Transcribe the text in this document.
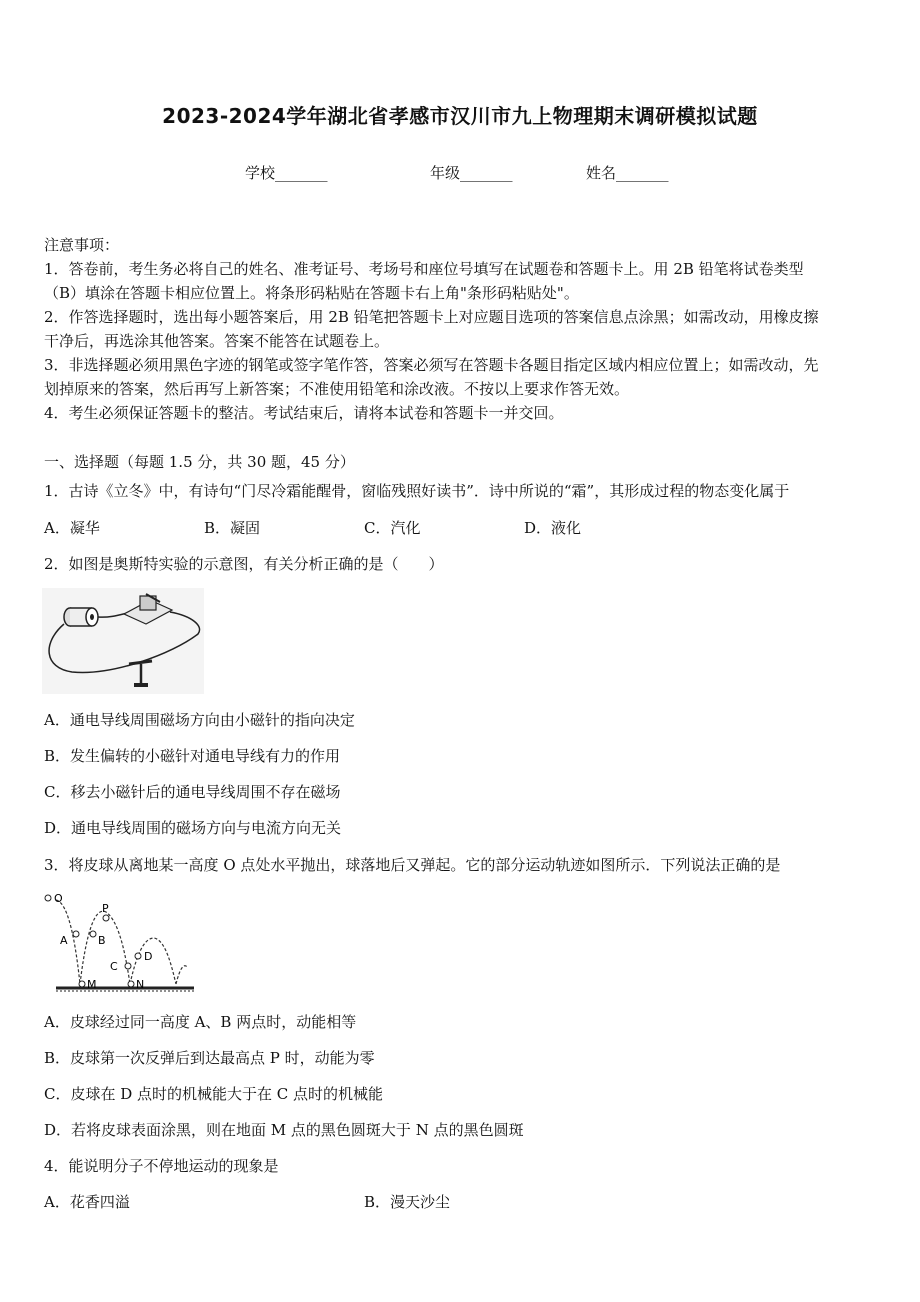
2023-2024学年湖北省孝感市汉川市九上物理期末调研模拟试题
学校_______	年级_______	姓名_______
注意事项：
1．答卷前，考生务必将自己的姓名、准考证号、考场号和座位号填写在试题卷和答题卡上。用 2B 铅笔将试卷类型
（B）填涂在答题卡相应位置上。将条形码粘贴在答题卡右上角"条形码粘贴处"。
2．作答选择题时，选出每小题答案后，用 2B 铅笔把答题卡上对应题目选项的答案信息点涂黑；如需改动，用橡皮擦
干净后，再选涂其他答案。答案不能答在试题卷上。
3．非选择题必须用黑色字迹的钢笔或签字笔作答，答案必须写在答题卡各题目指定区域内相应位置上；如需改动，先
划掉原来的答案，然后再写上新答案；不准使用铅笔和涂改液。不按以上要求作答无效。
4．考生必须保证答题卡的整洁。考试结束后，请将本试卷和答题卡一并交回。
一、选择题（每题 1.5 分，共 30 题，45 分）
1．古诗《立冬》中，有诗句“门尽冷霜能醒骨，窗临残照好读书”．诗中所说的“霜”，其形成过程的物态变化属于
A．凝华	B．凝固	C．汽化	D．液化
2．如图是奥斯特实验的示意图，有关分析正确的是（　　）
A．通电导线周围磁场方向由小磁针的指向决定
B．发生偏转的小磁针对通电导线有力的作用
C．移去小磁针后的通电导线周围不存在磁场
D．通电导线周围的磁场方向与电流方向无关
3．将皮球从离地某一高度 O 点处水平抛出，球落地后又弹起。它的部分运动轨迹如图所示．下列说法正确的是
O
P
A	B
C
D
M	N
A．皮球经过同一高度 A、B 两点时，动能相等
B．皮球第一次反弹后到达最高点 P 时，动能为零
C．皮球在 D 点时的机械能大于在 C 点时的机械能
D．若将皮球表面涂黑，则在地面 M 点的黑色圆斑大于 N 点的黑色圆斑
4．能说明分子不停地运动的现象是
A．花香四溢	B．漫天沙尘
